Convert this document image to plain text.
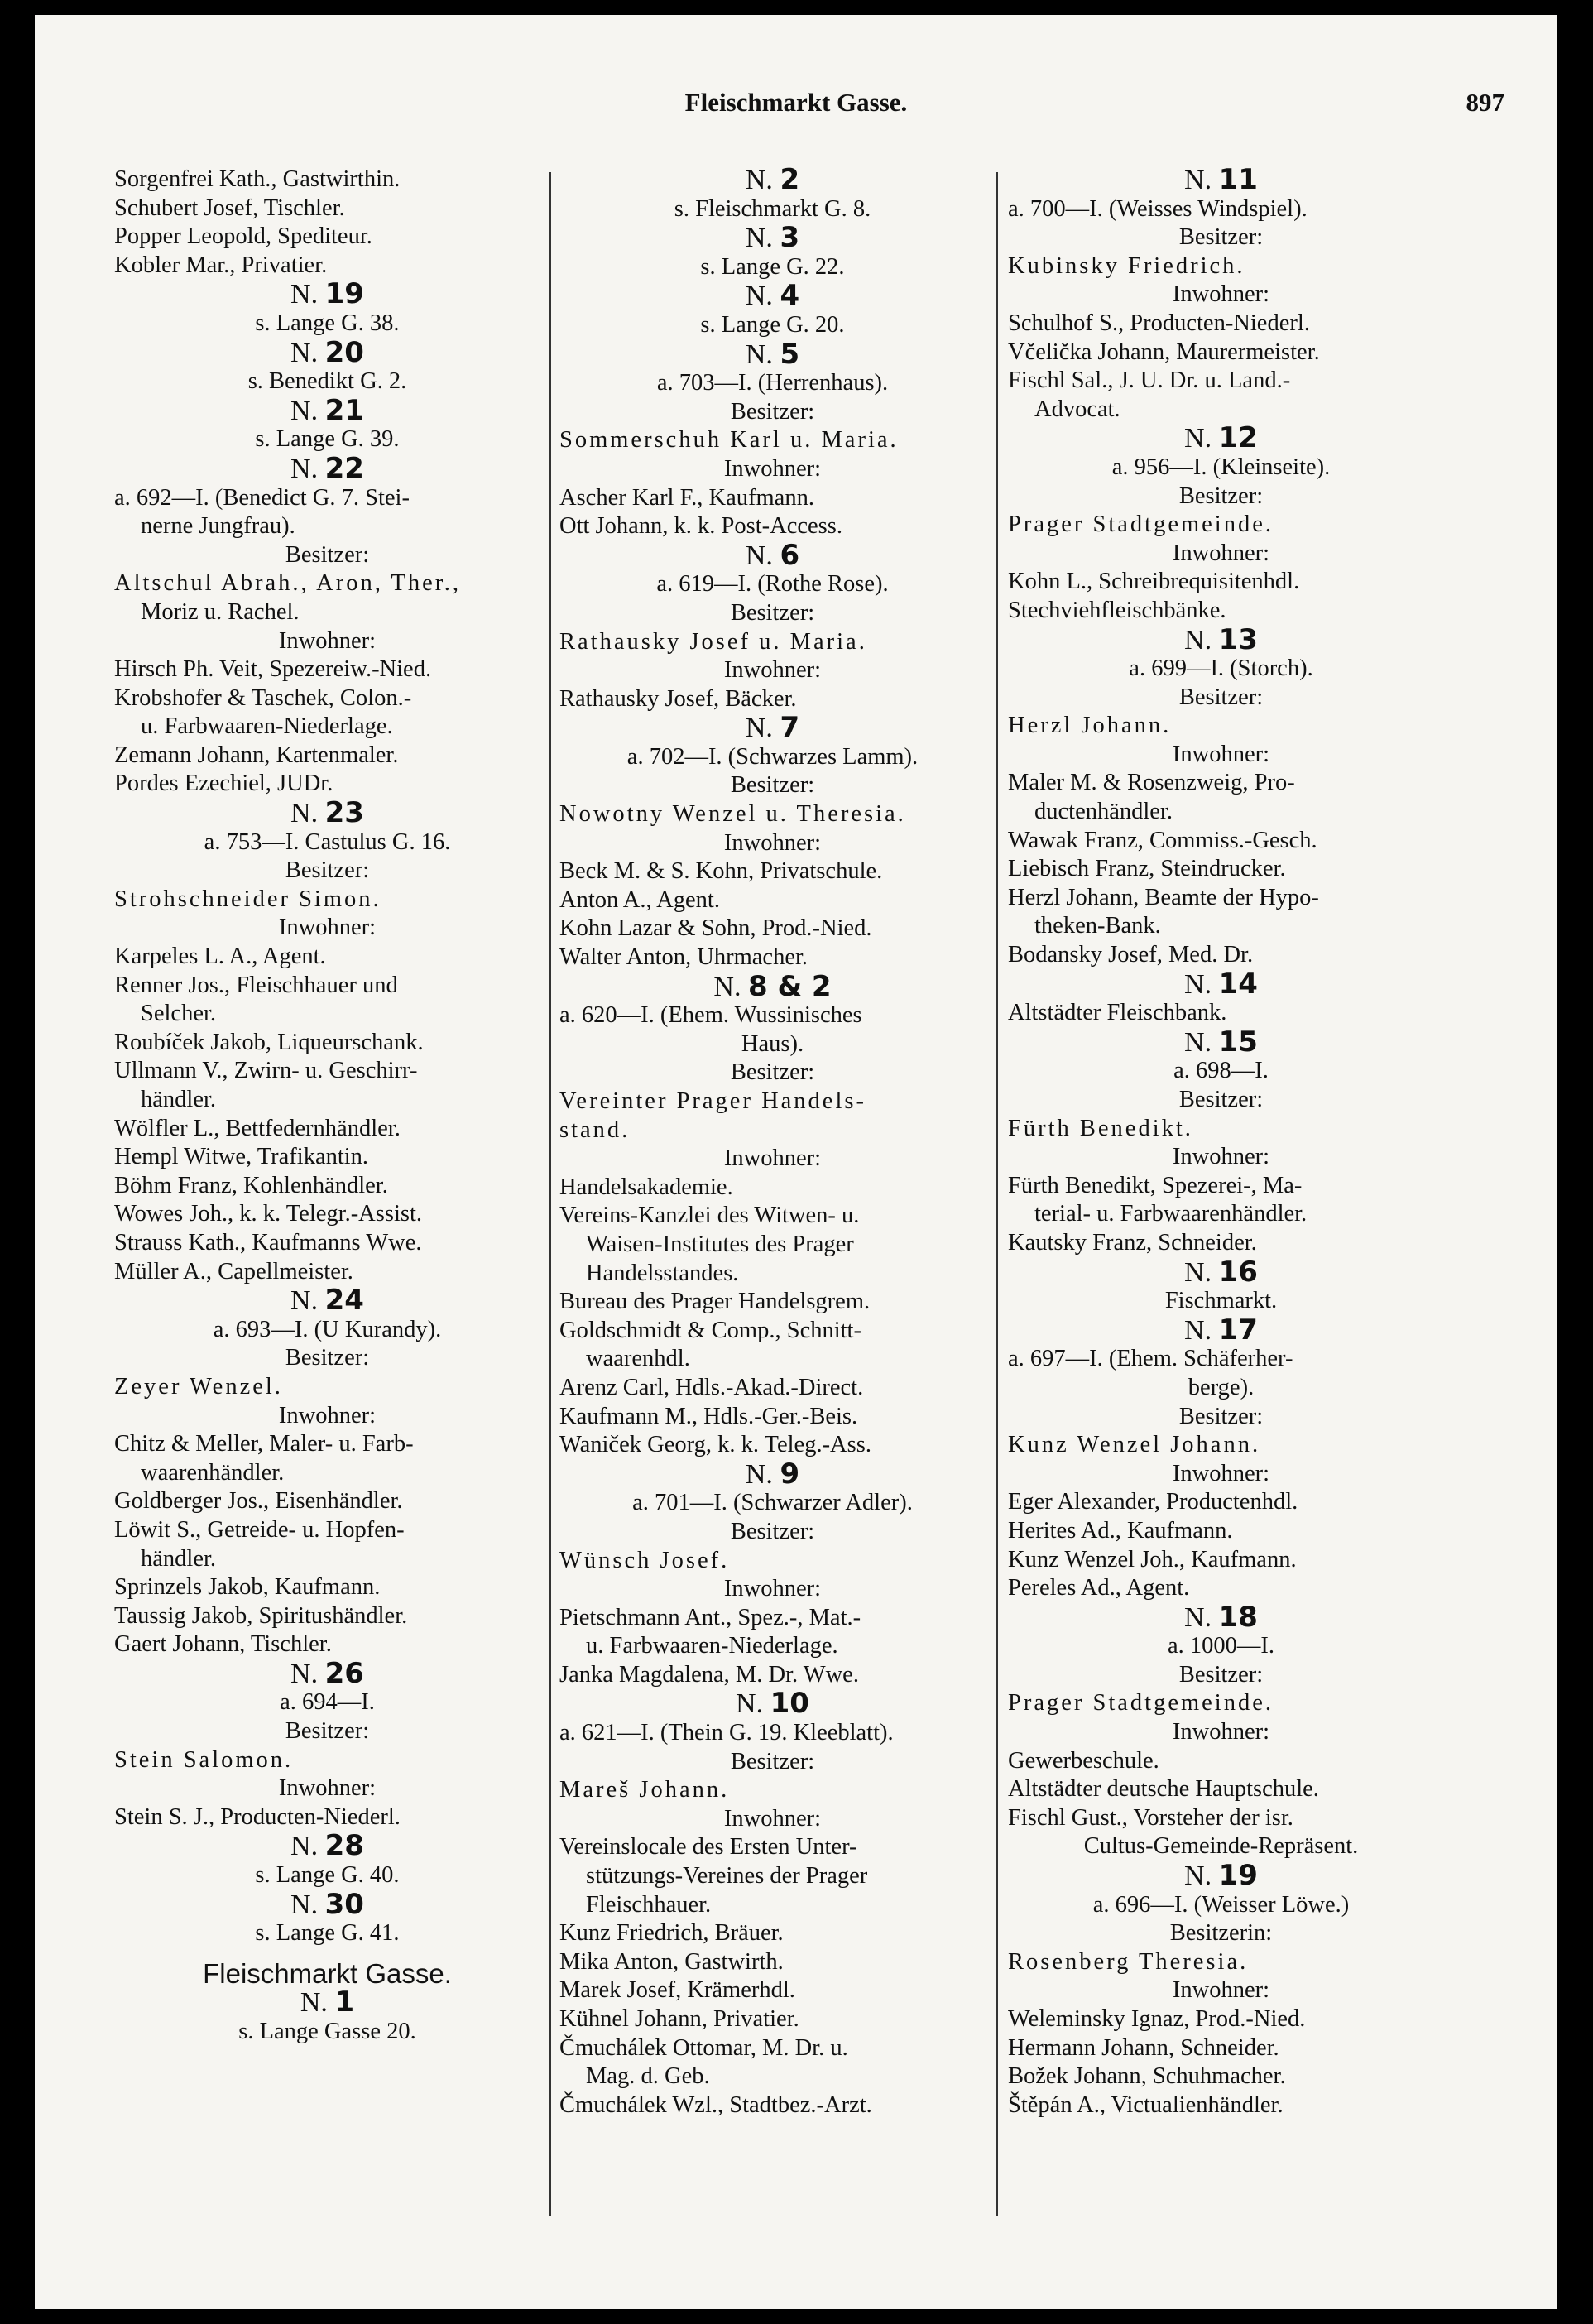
Fleischmarkt Gasse.	897
Sorgenfrei Kath., Gastwirthin.
Schubert Josef, Tischler.
Popper Leopold, Spediteur.
Kobler Mar., Privatier.
N. 19
s. Lange G. 38.
N. 20
s. Benedikt G. 2.
N. 21
s. Lange G. 39.
N. 22
a. 692—I. (Benedict G. 7. Stei-
nerne Jungfrau).
Besitzer:
Altschul Abrah., Aron, Ther.,
Moriz u. Rachel.
Inwohner:
Hirsch Ph. Veit, Spezereiw.-Nied.
Krobshofer & Taschek, Colon.-
u. Farbwaaren-Niederlage.
Zemann Johann, Kartenmaler.
Pordes Ezechiel, JUDr.
N. 23
a. 753—I. Castulus G. 16.
Besitzer:
Strohschneider Simon.
Inwohner:
Karpeles L. A., Agent.
Renner Jos., Fleischhauer und
Selcher.
Roubíček Jakob, Liqueurschank.
Ullmann V., Zwirn- u. Geschirr-
händler.
Wölfler L., Bettfedernhändler.
Hempl Witwe, Trafikantin.
Böhm Franz, Kohlenhändler.
Wowes Joh., k. k. Telegr.-Assist.
Strauss Kath., Kaufmanns Wwe.
Müller A., Capellmeister.
N. 24
a. 693—I. (U Kurandy).
Besitzer:
Zeyer Wenzel.
Inwohner:
Chitz & Meller, Maler- u. Farb-
waarenhändler.
Goldberger Jos., Eisenhändler.
Löwit S., Getreide- u. Hopfen-
händler.
Sprinzels Jakob, Kaufmann.
Taussig Jakob, Spiritushändler.
Gaert Johann, Tischler.
N. 26
a. 694—I.
Besitzer:
Stein Salomon.
Inwohner:
Stein S. J., Producten-Niederl.
N. 28
s. Lange G. 40.
N. 30
s. Lange G. 41.
Fleischmarkt Gasse.
N. 1
s. Lange Gasse 20.
N. 2
s. Fleischmarkt G. 8.
N. 3
s. Lange G. 22.
N. 4
s. Lange G. 20.
N. 5
a. 703—I. (Herrenhaus).
Besitzer:
Sommerschuh Karl u. Maria.
Inwohner:
Ascher Karl F., Kaufmann.
Ott Johann, k. k. Post-Access.
N. 6
a. 619—I. (Rothe Rose).
Besitzer:
Rathausky Josef u. Maria.
Inwohner:
Rathausky Josef, Bäcker.
N. 7
a. 702—I. (Schwarzes Lamm).
Besitzer:
Nowotny Wenzel u. Theresia.
Inwohner:
Beck M. & S. Kohn, Privatschule.
Anton A., Agent.
Kohn Lazar & Sohn, Prod.-Nied.
Walter Anton, Uhrmacher.
N. 8 & 2
a. 620—I. (Ehem. Wussinisches
Haus).
Besitzer:
Vereinter Prager Handels-
stand.
Inwohner:
Handelsakademie.
Vereins-Kanzlei des Witwen- u.
Waisen-Institutes des Prager
Handelsstandes.
Bureau des Prager Handelsgrem.
Goldschmidt & Comp., Schnitt-
waarenhdl.
Arenz Carl, Hdls.-Akad.-Direct.
Kaufmann M., Hdls.-Ger.-Beis.
Waniček Georg, k. k. Teleg.-Ass.
N. 9
a. 701—I. (Schwarzer Adler).
Besitzer:
Wünsch Josef.
Inwohner:
Pietschmann Ant., Spez.-, Mat.-
u. Farbwaaren-Niederlage.
Janka Magdalena, M. Dr. Wwe.
N. 10
a. 621—I. (Thein G. 19. Kleeblatt).
Besitzer:
Mareš Johann.
Inwohner:
Vereinslocale des Ersten Unter-
stützungs-Vereines der Prager
Fleischhauer.
Kunz Friedrich, Bräuer.
Mika Anton, Gastwirth.
Marek Josef, Krämerhdl.
Kühnel Johann, Privatier.
Čmuchálek Ottomar, M. Dr. u.
Mag. d. Geb.
Čmuchálek Wzl., Stadtbez.-Arzt.
N. 11
a. 700—I. (Weisses Windspiel).
Besitzer:
Kubinsky Friedrich.
Inwohner:
Schulhof S., Producten-Niederl.
Včelička Johann, Maurermeister.
Fischl Sal., J. U. Dr. u. Land.-
Advocat.
N. 12
a. 956—I. (Kleinseite).
Besitzer:
Prager Stadtgemeinde.
Inwohner:
Kohn L., Schreibrequisitenhdl.
Stechviehfleischbänke.
N. 13
a. 699—I. (Storch).
Besitzer:
Herzl Johann.
Inwohner:
Maler M. & Rosenzweig, Pro-
ductenhändler.
Wawak Franz, Commiss.-Gesch.
Liebisch Franz, Steindrucker.
Herzl Johann, Beamte der Hypo-
theken-Bank.
Bodansky Josef, Med. Dr.
N. 14
Altstädter Fleischbank.
N. 15
a. 698—I.
Besitzer:
Fürth Benedikt.
Inwohner:
Fürth Benedikt, Spezerei-, Ma-
terial- u. Farbwaarenhändler.
Kautsky Franz, Schneider.
N. 16
Fischmarkt.
N. 17
a. 697—I. (Ehem. Schäferher-
berge).
Besitzer:
Kunz Wenzel Johann.
Inwohner:
Eger Alexander, Productenhdl.
Herites Ad., Kaufmann.
Kunz Wenzel Joh., Kaufmann.
Pereles Ad., Agent.
N. 18
a. 1000—I.
Besitzer:
Prager Stadtgemeinde.
Inwohner:
Gewerbeschule.
Altstädter deutsche Hauptschule.
Fischl Gust., Vorsteher der isr.
Cultus-Gemeinde-Repräsent.
N. 19
a. 696—I. (Weisser Löwe.)
Besitzerin:
Rosenberg Theresia.
Inwohner:
Weleminsky Ignaz, Prod.-Nied.
Hermann Johann, Schneider.
Božek Johann, Schuhmacher.
Štěpán A., Victualienhändler.
